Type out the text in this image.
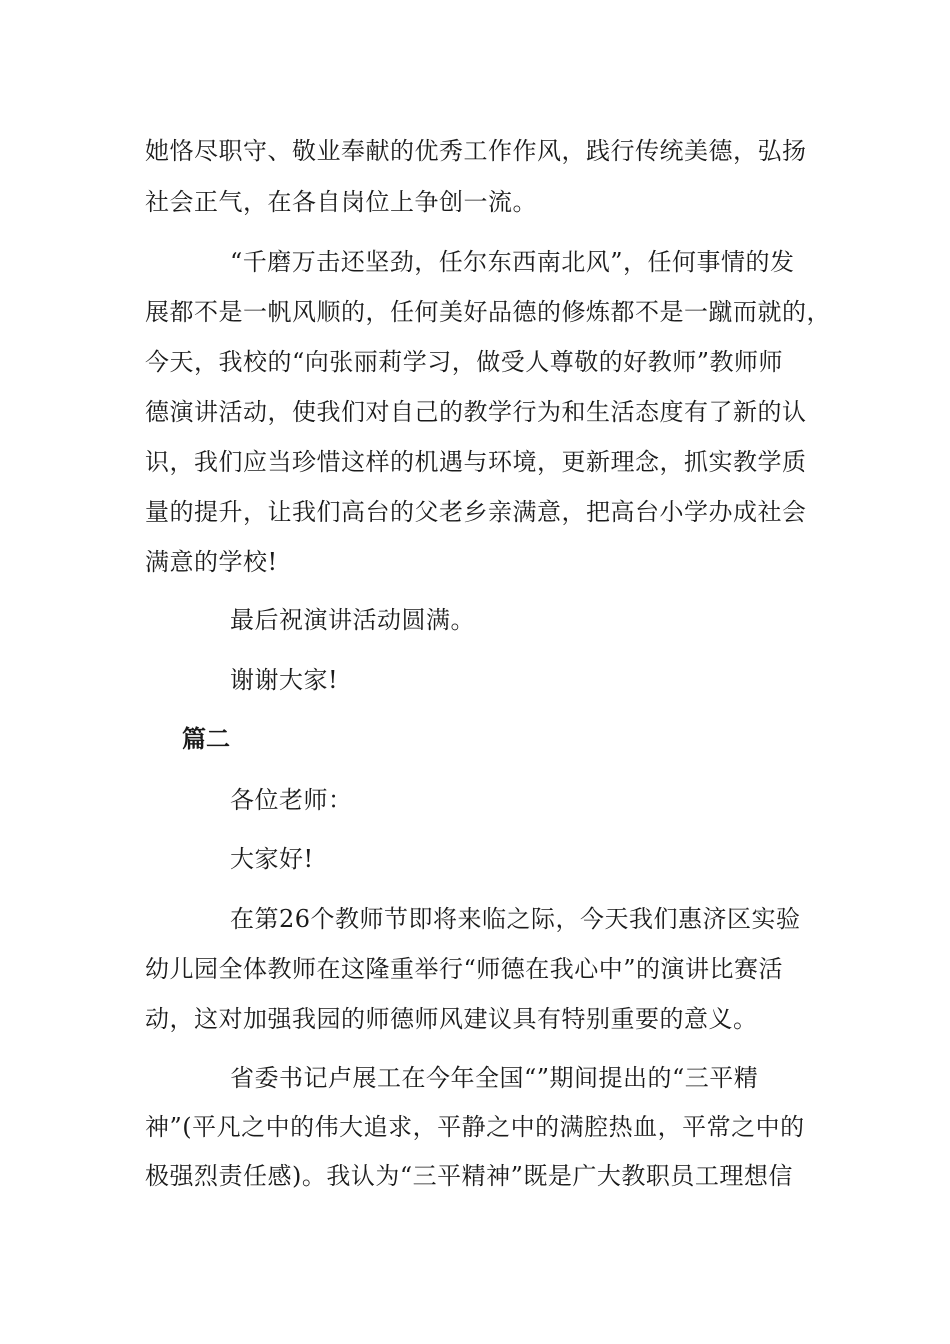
她恪尽职守、敬业奉献的优秀工作作风，践行传统美德，弘扬
社会正气，在各自岗位上争创一流。
“千磨万击还坚劲，任尔东西南北风”，任何事情的发
展都不是一帆风顺的，任何美好品德的修炼都不是一蹴而就的，
今天，我校的“向张丽莉学习，做受人尊敬的好教师”教师师
德演讲活动，使我们对自己的教学行为和生活态度有了新的认
识，我们应当珍惜这样的机遇与环境，更新理念，抓实教学质
量的提升，让我们高台的父老乡亲满意，把高台小学办成社会
满意的学校!
最后祝演讲活动圆满。
谢谢大家!
篇二
各位老师：
大家好!
在第26个教师节即将来临之际，今天我们惠济区实验
幼儿园全体教师在这隆重举行“师德在我心中”的演讲比赛活
动，这对加强我园的师德师风建议具有特别重要的意义。
省委书记卢展工在今年全国“”期间提出的“三平精
神”(平凡之中的伟大追求，平静之中的满腔热血，平常之中的
极强烈责任感)。我认为“三平精神”既是广大教职员工理想信
